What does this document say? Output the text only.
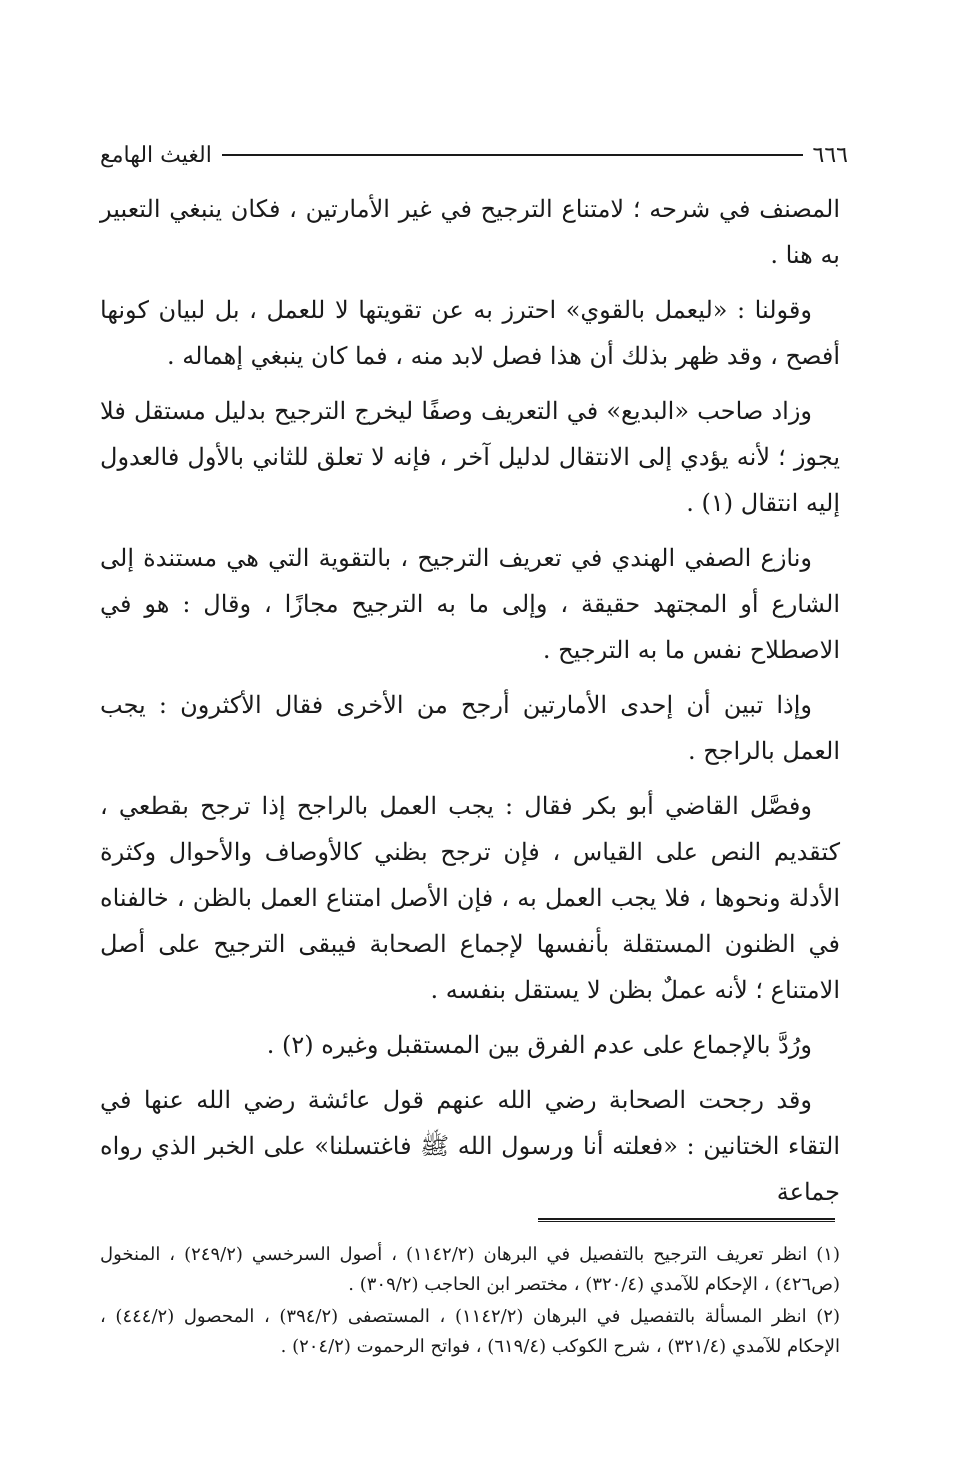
٦٦٦
الغيث الهامع

المصنف في شرحه ؛ لامتناع الترجيح في غير الأمارتين ، فكان ينبغي التعبير به هنا .

وقولنا : «ليعمل بالقوي» احترز به عن تقويتها لا للعمل ، بل لبيان كونها أفصح ، وقد ظهر بذلك أن هذا فصل لابد منه ، فما كان ينبغي إهماله .

وزاد صاحب «البديع» في التعريف وصفًا ليخرج الترجيح بدليل مستقل فلا يجوز ؛ لأنه يؤدي إلى الانتقال لدليل آخر ، فإنه لا تعلق للثاني بالأول فالعدول إليه انتقال (١) .

ونازع الصفي الهندي في تعريف الترجيح ، بالتقوية التي هي مستندة إلى الشارع أو المجتهد حقيقة ، وإلى ما به الترجيح مجازًا ، وقال : هو في الاصطلاح نفس ما به الترجيح .

وإذا تبين أن إحدى الأمارتين أرجح من الأخرى فقال الأكثرون : يجب العمل بالراجح .

وفصَّل القاضي أبو بكر فقال : يجب العمل بالراجح إذا ترجح بقطعي ، كتقديم النص على القياس ، فإن ترجح بظني كالأوصاف والأحوال وكثرة الأدلة ونحوها ، فلا يجب العمل به ، فإن الأصل امتناع العمل بالظن ، خالفناه في الظنون المستقلة بأنفسها لإجماع الصحابة فيبقى الترجيح على أصل الامتناع ؛ لأنه عملٌ بظن لا يستقل بنفسه .

ورُدَّ بالإجماع على عدم الفرق بين المستقبل وغيره (٢) .

وقد رجحت الصحابة رضي الله عنهم قول عائشة رضي الله عنها في التقاء الختانين : «فعلته أنا ورسول الله ﷺ فاغتسلنا» على الخبر الذي رواه جماعة

(١) انظر تعريف الترجيح بالتفصيل في البرهان (١١٤٢/٢) ، أصول السرخسي (٢٤٩/٢) ، المنخول (ص٤٢٦) ، الإحكام للآمدي (٣٢٠/٤) ، مختصر ابن الحاجب (٣٠٩/٢) .

(٢) انظر المسألة بالتفصيل في البرهان (١١٤٢/٢) ، المستصفى (٣٩٤/٢) ، المحصول (٤٤٤/٢) ، الإحكام للآمدي (٣٢١/٤) ، شرح الكوكب (٦١٩/٤) ، فواتح الرحموت (٢٠٤/٢) .
